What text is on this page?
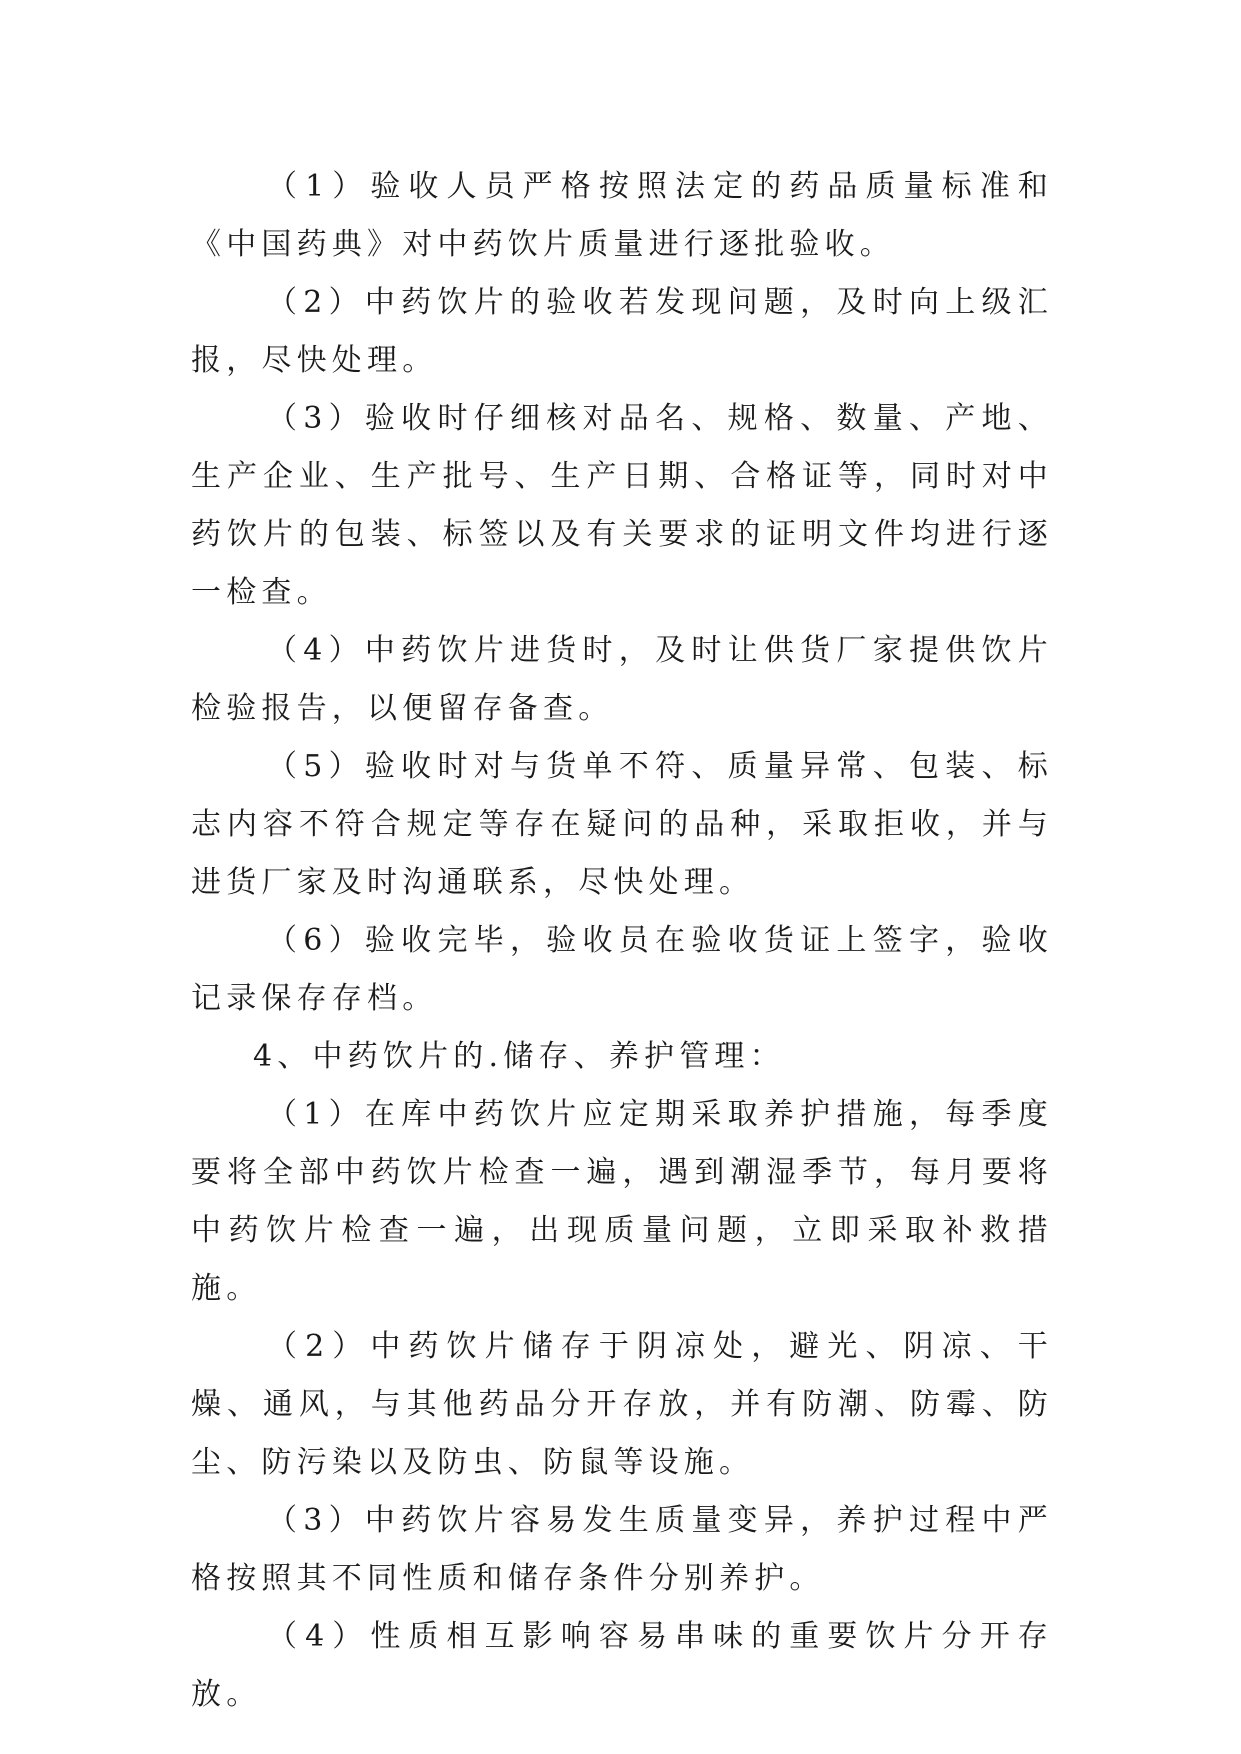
（1）验收人员严格按照法定的药品质量标准和《中国药典》对中药饮片质量进行逐批验收。

（2）中药饮片的验收若发现问题，及时向上级汇报，尽快处理。

（3）验收时仔细核对品名、规格、数量、产地、生产企业、生产批号、生产日期、合格证等，同时对中药饮片的包装、标签以及有关要求的证明文件均进行逐一检查。

（4）中药饮片进货时，及时让供货厂家提供饮片检验报告，以便留存备查。

（5）验收时对与货单不符、质量异常、包装、标志内容不符合规定等存在疑问的品种，采取拒收，并与进货厂家及时沟通联系，尽快处理。

（6）验收完毕，验收员在验收货证上签字，验收记录保存存档。

4、中药饮片的.储存、养护管理：

（1）在库中药饮片应定期采取养护措施，每季度要将全部中药饮片检查一遍，遇到潮湿季节，每月要将中药饮片检查一遍，出现质量问题，立即采取补救措施。

（2）中药饮片储存于阴凉处，避光、阴凉、干燥、通风，与其他药品分开存放，并有防潮、防霉、防尘、防污染以及防虫、防鼠等设施。

（3）中药饮片容易发生质量变异，养护过程中严格按照其不同性质和储存条件分别养护。

（4）性质相互影响容易串味的重要饮片分开存放。
